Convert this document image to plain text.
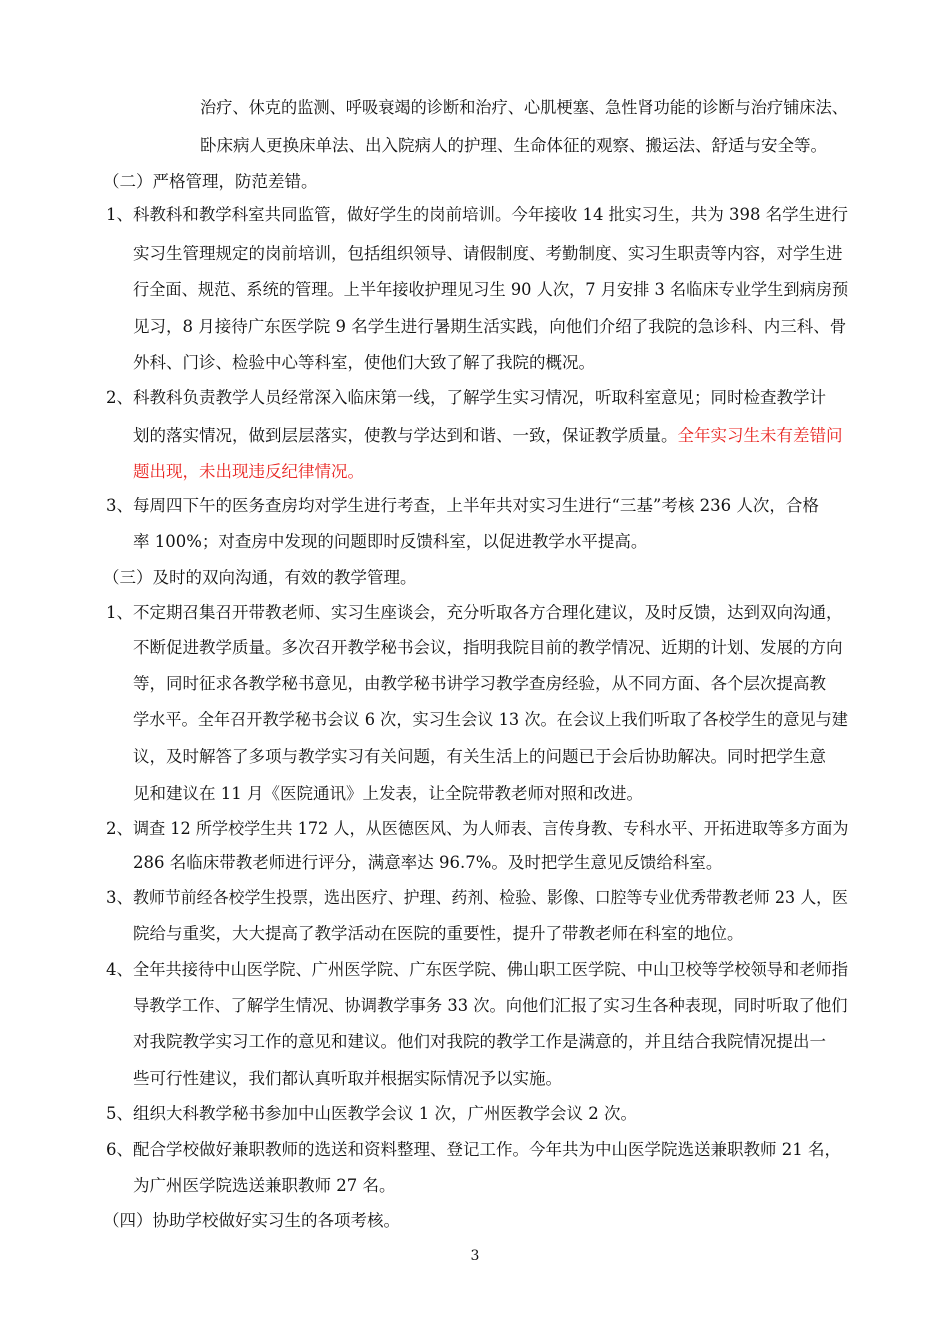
治疗、休克的监测、呼吸衰竭的诊断和治疗、心肌梗塞、急性肾功能的诊断与治疗铺床法、
卧床病人更换床单法、出入院病人的护理、生命体征的观察、搬运法、舒适与安全等。
（二）严格管理，防范差错。
1、 科教科和教学科室共同监管，做好学生的岗前培训。今年接收 14 批实习生，共为 398 名学生进行
实习生管理规定的岗前培训，包括组织领导、请假制度、考勤制度、实习生职责等内容，对学生进
行全面、规范、系统的管理。上半年接收护理见习生 90 人次，7 月安排 3 名临床专业学生到病房预
见习，8 月接待广东医学院 9 名学生进行暑期生活实践，向他们介绍了我院的急诊科、内三科、骨
外科、门诊、检验中心等科室，使他们大致了解了我院的概况。
2、 科教科负责教学人员经常深入临床第一线，了解学生实习情况，听取科室意见；同时检查教学计
划的落实情况，做到层层落实，使教与学达到和谐、一致，保证教学质量。全年实习生未有差错问
题出现，未出现违反纪律情况。
3、 每周四下午的医务查房均对学生进行考查，上半年共对实习生进行“三基”考核 236 人次，合格
率 100%；对查房中发现的问题即时反馈科室，以促进教学水平提高。
（三）及时的双向沟通，有效的教学管理。
1、 不定期召集召开带教老师、实习生座谈会，充分听取各方合理化建议，及时反馈，达到双向沟通，
不断促进教学质量。多次召开教学秘书会议，指明我院目前的教学情况、近期的计划、发展的方向
等，同时征求各教学秘书意见，由教学秘书讲学习教学查房经验，从不同方面、各个层次提高教
学水平。全年召开教学秘书会议 6 次，实习生会议 13 次。在会议上我们听取了各校学生的意见与建
议，及时解答了多项与教学实习有关问题，有关生活上的问题已于会后协助解决。同时把学生意
见和建议在 11 月《医院通讯》上发表，让全院带教老师对照和改进。
2、 调查 12 所学校学生共 172 人，从医德医风、为人师表、言传身教、专科水平、开拓进取等多方面为
286 名临床带教老师进行评分，满意率达 96.7%。及时把学生意见反馈给科室。
3、 教师节前经各校学生投票，选出医疗、护理、药剂、检验、影像、口腔等专业优秀带教老师 23 人，医
院给与重奖，大大提高了教学活动在医院的重要性，提升了带教老师在科室的地位。
4、 全年共接待中山医学院、广州医学院、广东医学院、佛山职工医学院、中山卫校等学校领导和老师指
导教学工作、了解学生情况、协调教学事务 33 次。向他们汇报了实习生各种表现，同时听取了他们
对我院教学实习工作的意见和建议。他们对我院的教学工作是满意的，并且结合我院情况提出一
些可行性建议，我们都认真听取并根据实际情况予以实施。
5、 组织大科教学秘书参加中山医教学会议 1 次，广州医教学会议 2 次。
6、 配合学校做好兼职教师的选送和资料整理、登记工作。今年共为中山医学院选送兼职教师 21 名，
为广州医学院选送兼职教师 27 名。
（四）协助学校做好实习生的各项考核。
3
